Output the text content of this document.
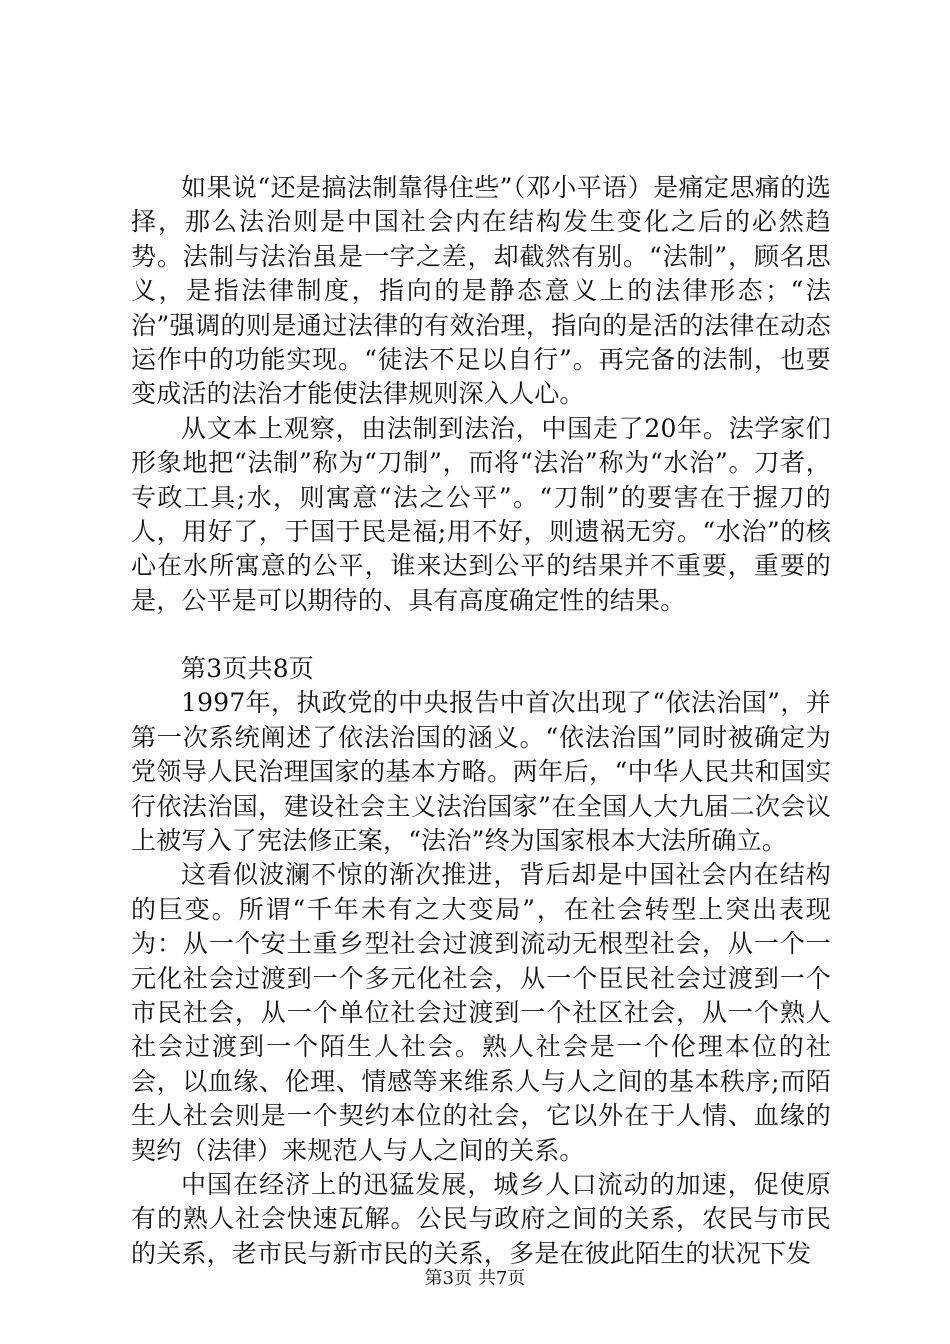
如果说“还是搞法制靠得住些”（邓小平语）是痛定思痛的选择，那么法治则是中国社会内在结构发生变化之后的必然趋势。法制与法治虽是一字之差，却截然有别。“法制”，顾名思义，是指法律制度，指向的是静态意义上的法律形态；“法治”强调的则是通过法律的有效治理，指向的是活的法律在动态运作中的功能实现。“徒法不足以自行”。再完备的法制，也要变成活的法治才能使法律规则深入人心。

从文本上观察，由法制到法治，中国走了20年。法学家们形象地把“法制”称为“刀制”，而将“法治”称为“水治”。刀者，专政工具;水，则寓意“法之公平”。“刀制”的要害在于握刀的人，用好了，于国于民是福;用不好，则遗祸无穷。“水治”的核心在水所寓意的公平，谁来达到公平的结果并不重要，重要的是，公平是可以期待的、具有高度确定性的结果。

第3页共8页

1997年，执政党的中央报告中首次出现了“依法治国”，并第一次系统阐述了依法治国的涵义。“依法治国”同时被确定为党领导人民治理国家的基本方略。两年后，“中华人民共和国实行依法治国，建设社会主义法治国家”在全国人大九届二次会议上被写入了宪法修正案，“法治”终为国家根本大法所确立。

这看似波澜不惊的渐次推进，背后却是中国社会内在结构的巨变。所谓“千年未有之大变局”，在社会转型上突出表现为：从一个安土重乡型社会过渡到流动无根型社会，从一个一元化社会过渡到一个多元化社会，从一个臣民社会过渡到一个市民社会，从一个单位社会过渡到一个社区社会，从一个熟人社会过渡到一个陌生人社会。熟人社会是一个伦理本位的社会，以血缘、伦理、情感等来维系人与人之间的基本秩序;而陌生人社会则是一个契约本位的社会，它以外在于人情、血缘的契约（法律）来规范人与人之间的关系。

中国在经济上的迅猛发展，城乡人口流动的加速，促使原有的熟人社会快速瓦解。公民与政府之间的关系，农民与市民的关系，老市民与新市民的关系，多是在彼此陌生的状况下发

第3页 共7页
